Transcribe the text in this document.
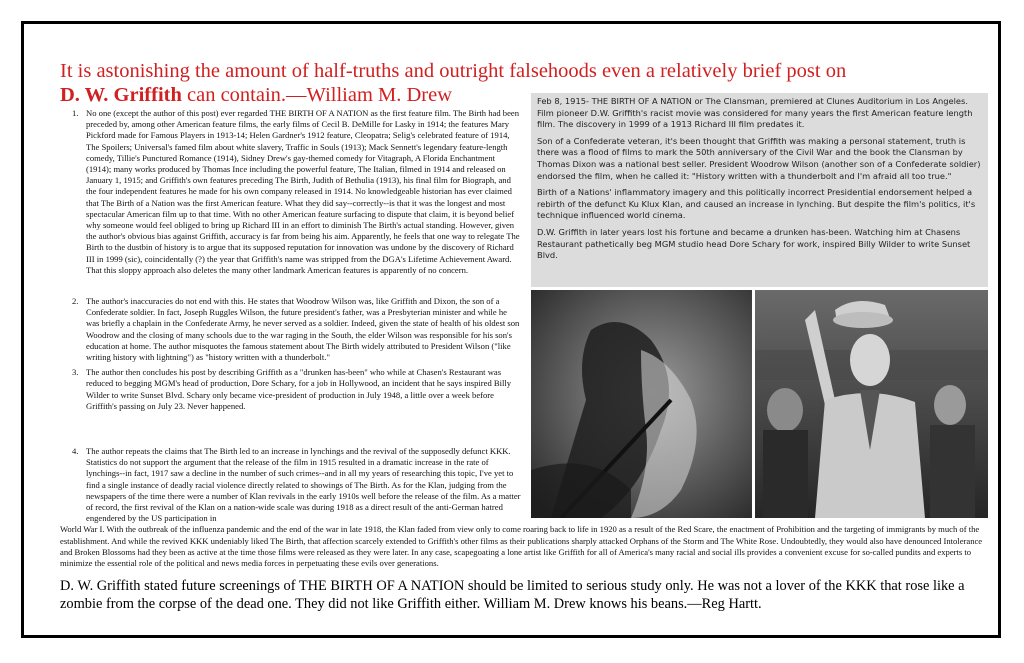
It is astonishing the amount of half-truths and outright falsehoods even a relatively brief post on
D. W. Griffith can contain.—William M. Drew
1. No one (except the author of this post) ever regarded THE BIRTH OF A NATION as the first feature film. The Birth had been preceded by, among other American feature films, the early films of Cecil B. DeMille for Lasky in 1914; the features Mary Pickford made for Famous Players in 1913-14; Helen Gardner's 1912 feature, Cleopatra; Selig's celebrated feature of 1914, The Spoilers; Universal's famed film about white slavery, Traffic in Souls (1913); Mack Sennett's legendary feature-length comedy, Tillie's Punctured Romance (1914), Sidney Drew's gay-themed comedy for Vitagraph, A Florida Enchantment (1914); many works produced by Thomas Ince including the powerful feature, The Italian, filmed in 1914 and released on January 1, 1915; and Griffith's own features preceding The Birth, Judith of Bethulia (1913), his final film for Biograph, and the four independent features he made for his own company released in 1914. No knowledgeable historian has ever claimed that The Birth of a Nation was the first American feature. What they did say--correctly--is that it was the longest and most spectacular American film up to that time. With no other American feature surfacing to dispute that claim, it is beyond belief why someone would feel obliged to bring up Richard III in an effort to diminish The Birth's actual standing. However, given the author's obvious bias against Griffith, accuracy is far from being his aim. Apparently, he feels that one way to relegate The Birth to the dustbin of history is to argue that its supposed reputation for innovation was undone by the discovery of Richard III in 1999 (sic), coincidentally (?) the year that Griffith's name was stripped from the DGA's Lifetime Achievement Award. That this sloppy approach also deletes the many other landmark American features is apparently of no concern.

2. The author's inaccuracies do not end with this. He states that Woodrow Wilson was, like Griffith and Dixon, the son of a Confederate soldier. In fact, Joseph Ruggles Wilson, the future president's father, was a Presbyterian minister and while he was briefly a chaplain in the Confederate Army, he never served as a soldier. Indeed, given the state of health of his oldest son Woodrow and the closing of many schools due to the war raging in the South, the elder Wilson was responsible for his son's education at home. The author misquotes the famous statement about The Birth widely attributed to President Wilson ("like writing history with lightning") as "history written with a thunderbolt."

3. The author then concludes his post by describing Griffith as a "drunken has-been" who while at Chasen's Restaurant was reduced to begging MGM's head of production, Dore Schary, for a job in Hollywood, an incident that he says inspired Billy Wilder to write Sunset Blvd. Schary only became vice-president of production in July 1948, a little over a week before Griffith's passing on July 23. Never happened.

4. The author repeats the claims that The Birth led to an increase in lynchings and the revival of the supposedly defunct KKK. Statistics do not support the argument that the release of the film in 1915 resulted in a dramatic increase in the rate of lynchings--in fact, 1917 saw a decline in the number of such crimes--and in all my years of researching this topic, I've yet to find a single instance of deadly racial violence directly related to showings of The Birth. As for the Klan, judging from the newspapers of the time there were a number of Klan revivals in the early 1910s well before the release of the film. As a matter of record, the first revival of the Klan on a nation-wide scale was during 1918 as a direct result of the anti-German hatred engendered by the US participation in
World War I. With the outbreak of the influenza pandemic and the end of the war in late 1918, the Klan faded from view only to come roaring back to life in 1920 as a result of the Red Scare, the enactment of Prohibition and the targeting of immigrants by much of the establishment. And while the revived KKK undeniably liked The Birth, that affection scarcely extended to Griffith's other films as their publications sharply attacked Orphans of the Storm and The White Rose. Undoubtedly, they would also have denounced Intolerance and Broken Blossoms had they been as active at the time those films were released as they were later. In any case, scapegoating a lone artist like Griffith for all of America's many racial and social ills provides a convenient excuse for so-called pundits and experts to minimize the essential role of the political and news media forces in perpetuating these evils over generations.

Feb 8, 1915- THE BIRTH OF A NATION or The Clansman, premiered at Clunes Auditorium in Los Angeles. Film pioneer D.W. Griffith's racist movie was considered for many years the first American feature length film. The discovery in 1999 of a 1913 Richard III film predates it.

Son of a Confederate veteran, it's been thought that Griffith was making a personal statement, truth is there was a flood of films to mark the 50th anniversary of the Civil War and the book the Clansman by Thomas Dixon was a national best seller. President Woodrow Wilson (another son of a Confederate soldier) endorsed the film, when he called it: "History written with a thunderbolt and I'm afraid all too true."

Birth of a Nations' inflammatory imagery and this politically incorrect Presidential endorsement helped a rebirth of the defunct Ku Klux Klan, and caused an increase in lynching. But despite the film's politics, it's technique influenced world cinema.

D.W. Griffith in later years lost his fortune and became a drunken has-been. Watching him at Chasens Restaurant pathetically beg MGM studio head Dore Schary for work, inspired Billy Wilder to write Sunset Blvd.

D. W. Griffith stated future screenings of THE BIRTH OF A NATION should be limited to serious study only. He was not a lover of the KKK that rose like a zombie from the corpse of the dead one. They did not like Griffith either. William M. Drew knows his beans.—Reg Hartt.
